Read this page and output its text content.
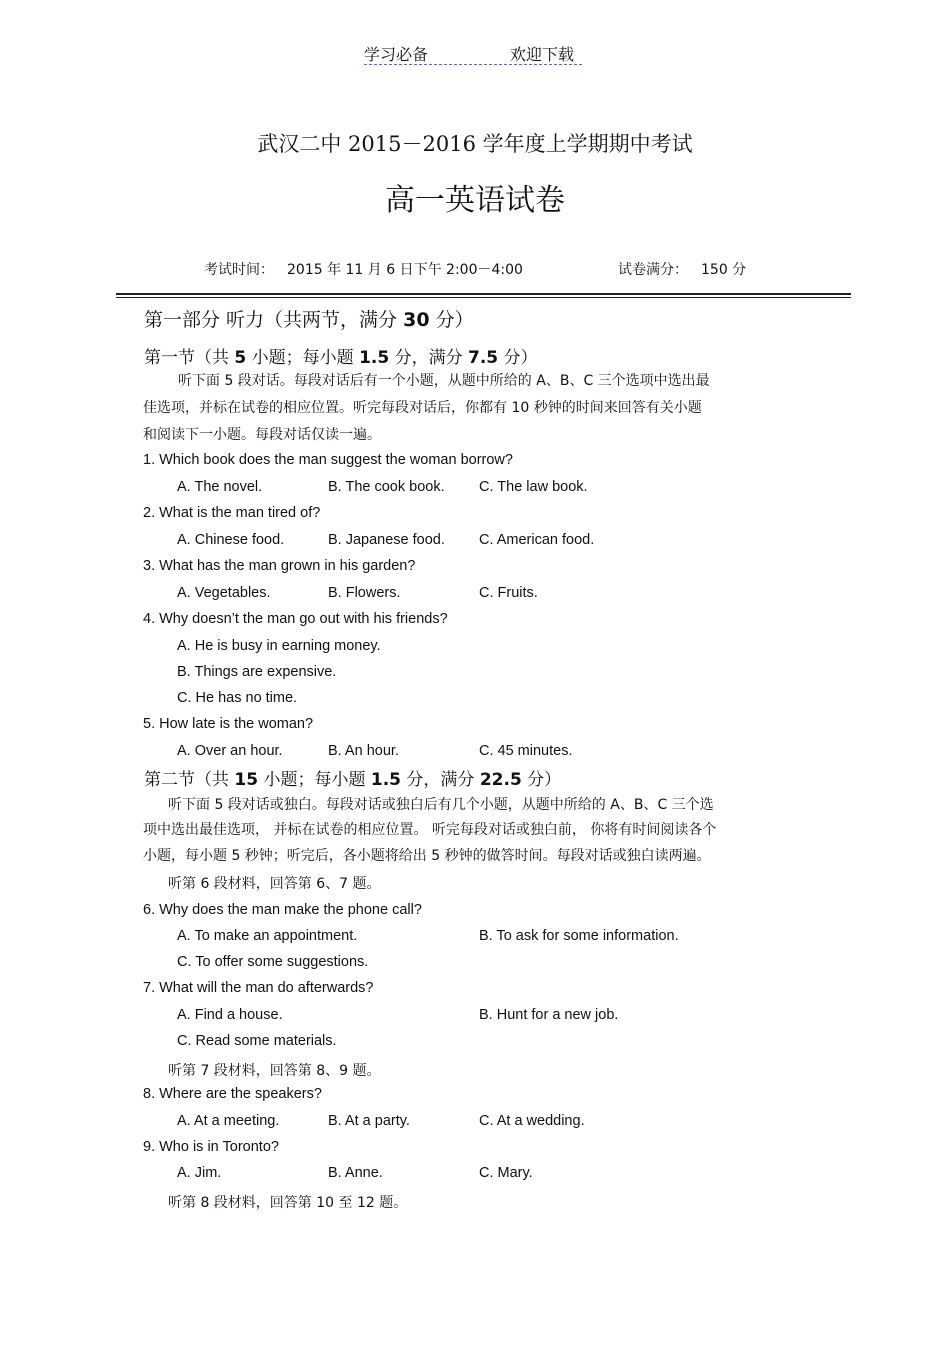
学习必备	欢迎下载
武汉二中 2015－2016 学年度上学期期中考试
高一英语试卷
考试时间： 2015 年 11 月 6 日下午 2:00－4:00	试卷满分： 150 分
第一部分 听力（共两节，满分 30 分）
第一节（共 5 小题；每小题 1.5 分，满分 7.5 分）
听下面 5 段对话。每段对话后有一个小题，从题中所给的 A、B、C 三个选项中选出最
佳选项，并标在试卷的相应位置。听完每段对话后，你都有 10 秒钟的时间来回答有关小题
和阅读下一小题。每段对话仅读一遍。
1. Which book does the man suggest the woman borrow?
A. The novel.	B. The cook book. C. The law book.
2. What is the man tired of?
A. Chinese food.	B. Japanese food. C. American food.
3. What has the man grown in his garden?
A. Vegetables.	B. Flowers.	C. Fruits.
4. Why doesn’t the man go out with his friends?
A. He is busy in earning money.
B. Things are expensive.
C. He has no time.
5. How late is the woman?
A. Over an hour.	B. An hour.	C. 45 minutes.
第二节（共 15 小题；每小题 1.5 分，满分 22.5 分）
听下面 5 段对话或独白。每段对话或独白后有几个小题，从题中所给的 A、B、C 三个选
项中选出最佳选项， 并标在试卷的相应位置。 听完每段对话或独白前， 你将有时间阅读各个
小题，每小题 5 秒钟；听完后，各小题将给出 5 秒钟的做答时间。每段对话或独白读两遍。
听第 6 段材料，回答第 6、7 题。
6. Why does the man make the phone call?
A. To make an appointment.	B. To ask for some information.
C. To offer some suggestions.
7. What will the man do afterwards?
A. Find a house.	B. Hunt for a new job.
C. Read some materials.
听第 7 段材料，回答第 8、9 题。
8. Where are the speakers?
A. At a meeting.	B. At a party.	C. At a wedding.
9. Who is in Toronto?
A. Jim.	B. Anne.	C. Mary.
听第 8 段材料，回答第 10 至 12 题。
